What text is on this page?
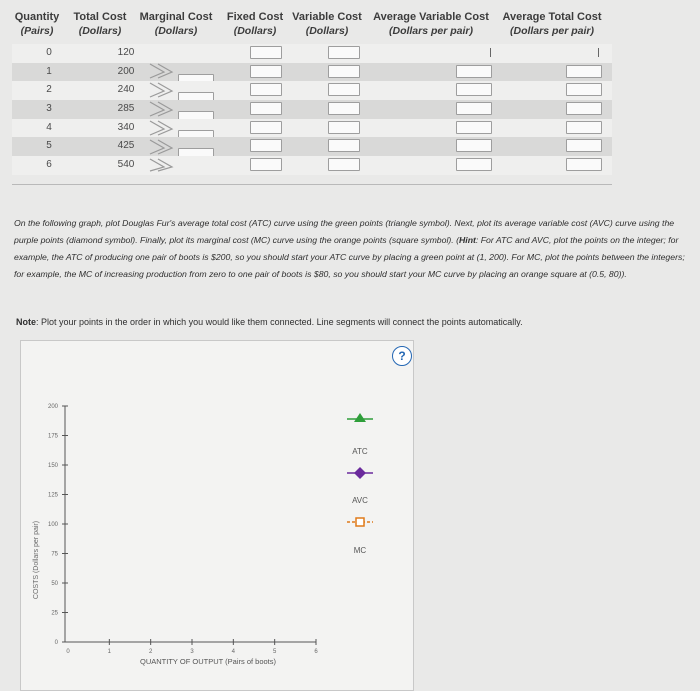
Quantity
(Pairs)
Total Cost
(Dollars)
Marginal Cost
(Dollars)
Fixed Cost
(Dollars)
Variable Cost
(Dollars)
Average Variable Cost
(Dollars per pair)
Average Total Cost
(Dollars per pair)
0	120
1	200
2	240
3	285
4	340
5	425
6	540
On the following graph, plot Douglas Fur's average total cost (ATC) curve using the green points (triangle symbol). Next, plot its average variable cost (AVC) curve using the purple points (diamond symbol). Finally, plot its marginal cost (MC) curve using the orange points (square symbol). (Hint: For ATC and AVC, plot the points on the integer; for example, the ATC of producing one pair of boots is $200, so you should start your ATC curve by placing a green point at (1, 200). For MC, plot the points between the integers; for example, the MC of increasing production from zero to one pair of boots is $80, so you should start your MC curve by placing an orange square at (0.5, 80)).
Note: Plot your points in the order in which you would like them connected. Line segments will connect the points automatically.
?
COSTS (Dollars per pair)
200
175
150
125
100
75
50
25
0
0	1	2	3	4	5	6
QUANTITY OF OUTPUT (Pairs of boots)
ATC
AVC
MC
